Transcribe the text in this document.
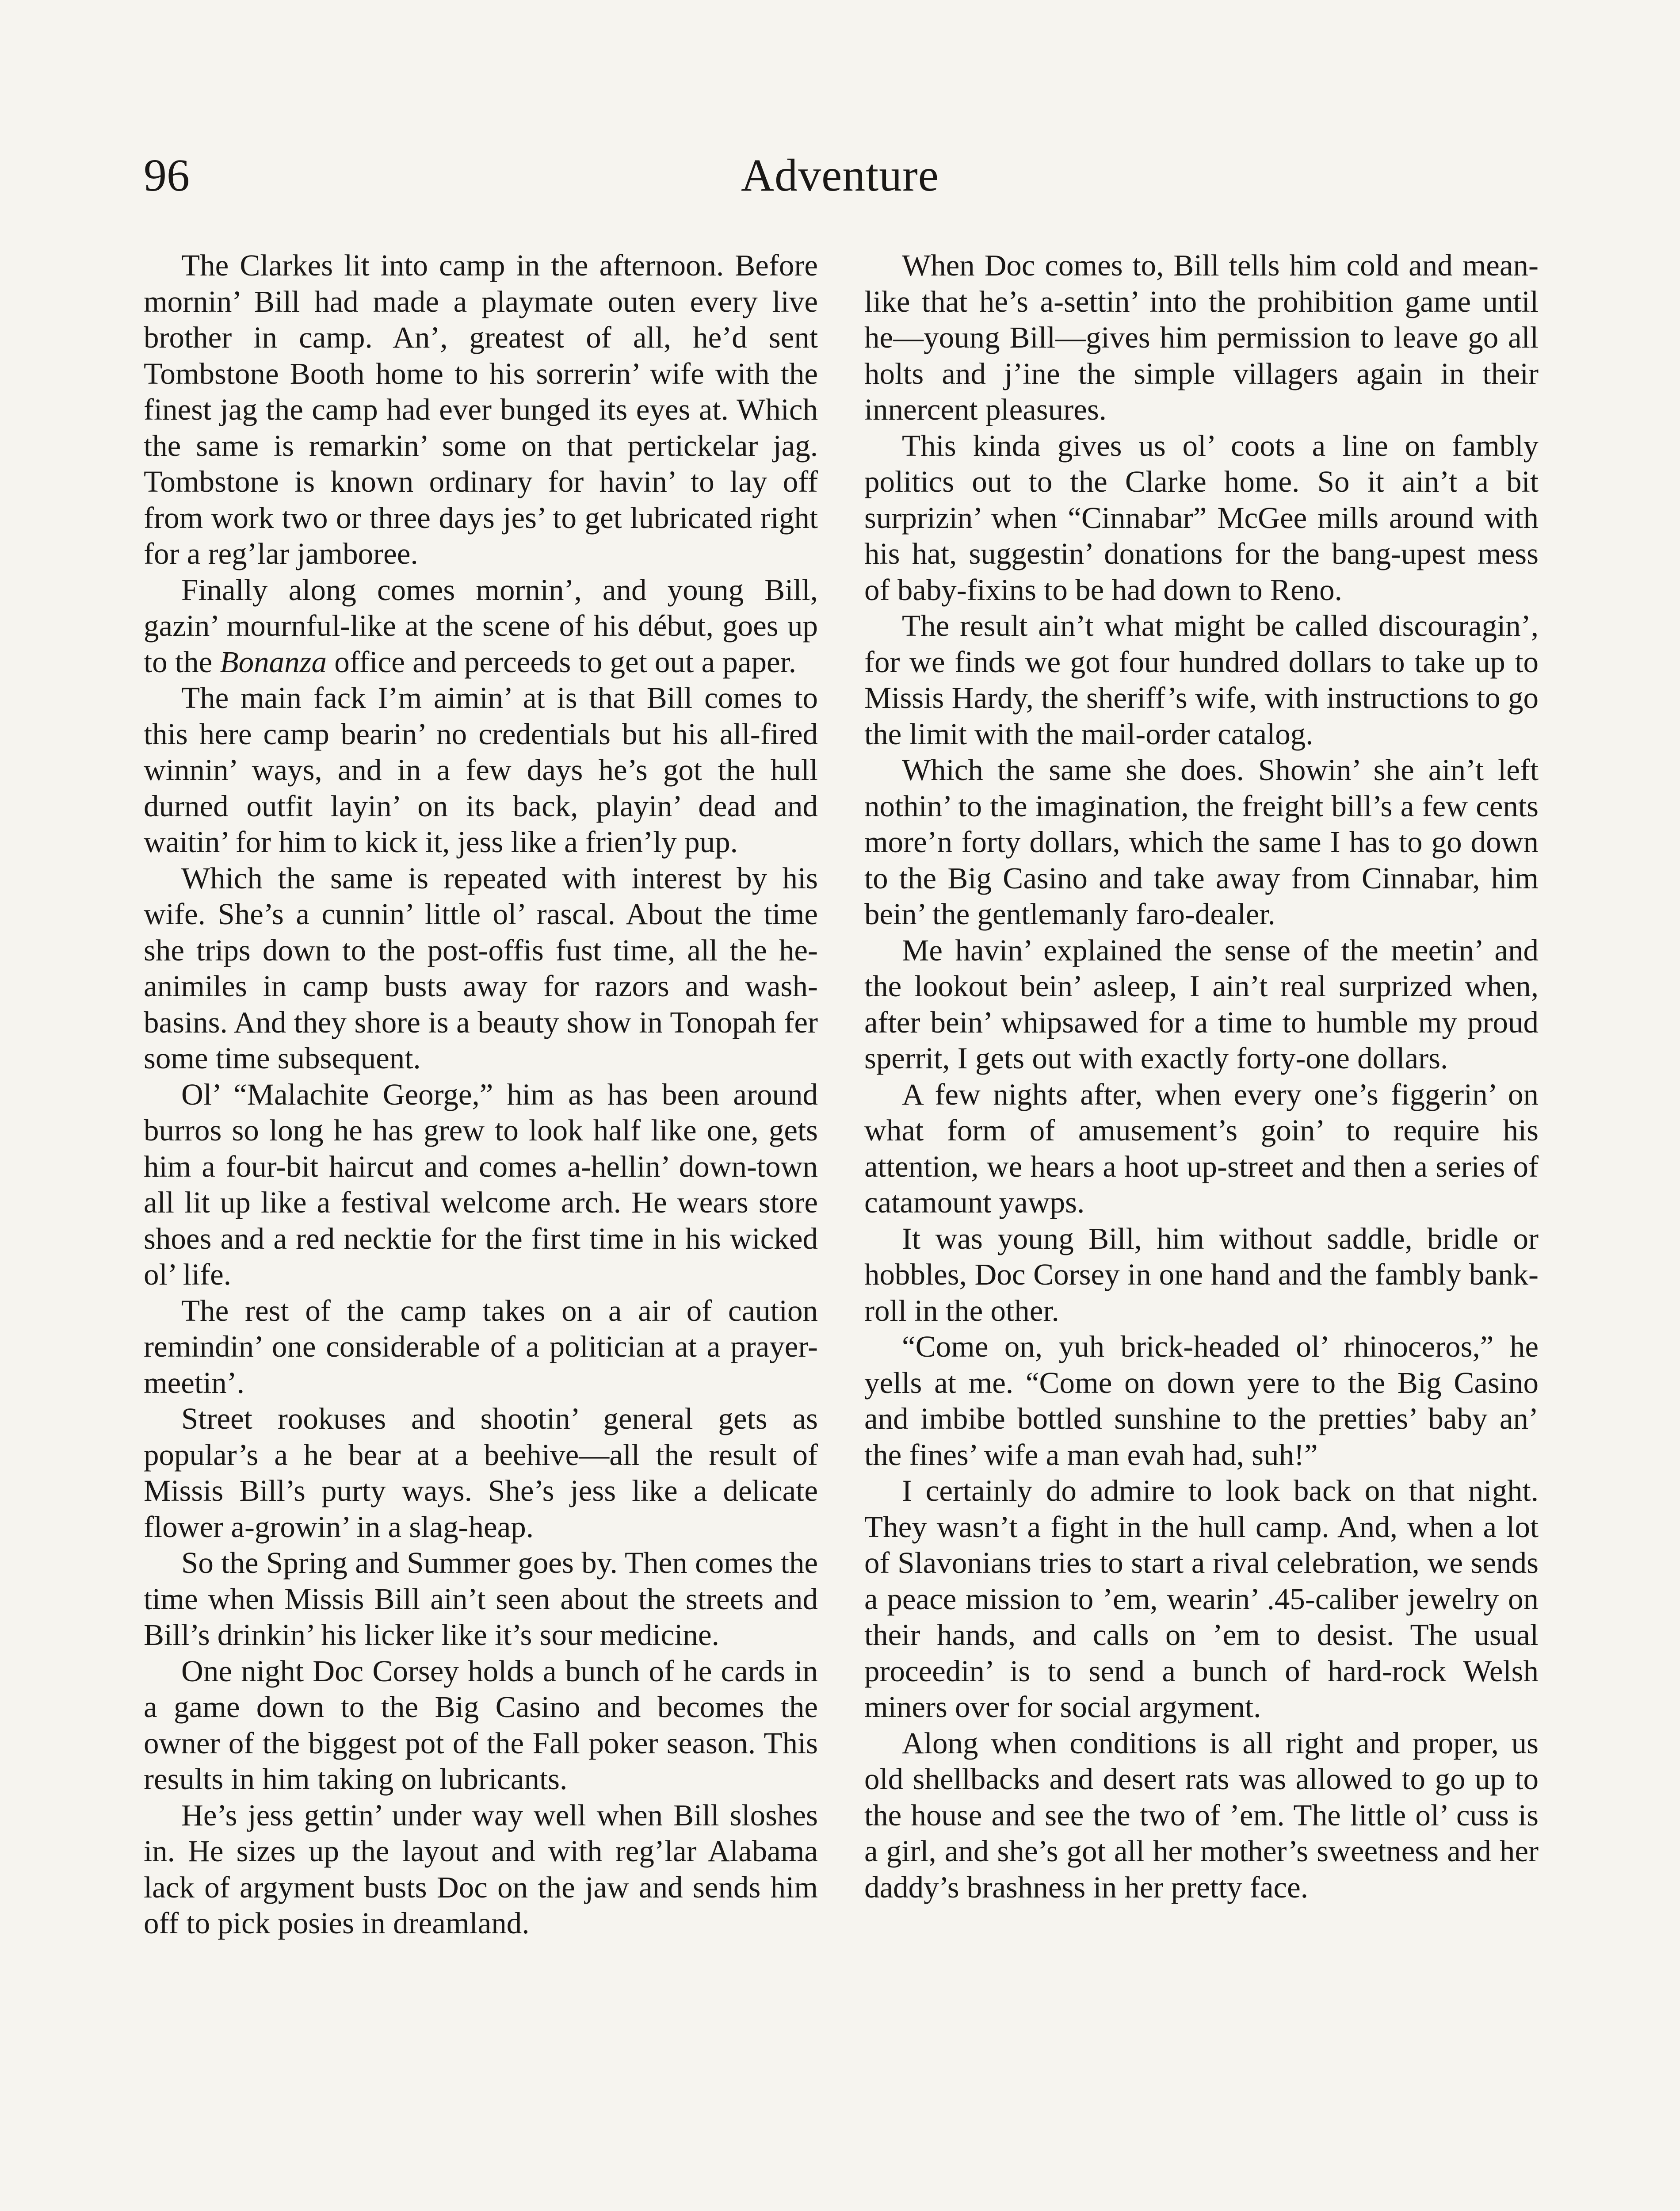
96	Adventure

The Clarkes lit into camp in the afternoon. Before mornin’ Bill had made a playmate outen every live brother in camp. An’, greatest of all, he’d sent Tombstone Booth home to his sorrerin’ wife with the finest jag the camp had ever bunged its eyes at. Which the same is remarkin’ some on that pertickelar jag. Tombstone is known ordinary for havin’ to lay off from work two or three days jes’ to get lubricated right for a reg’lar jamboree.

Finally along comes mornin’, and young Bill, gazin’ mournful-like at the scene of his début, goes up to the Bonanza office and perceeds to get out a paper.

The main fack I’m aimin’ at is that Bill comes to this here camp bearin’ no credentials but his all-fired winnin’ ways, and in a few days he’s got the hull durned outfit layin’ on its back, playin’ dead and waitin’ for him to kick it, jess like a frien’ly pup.

Which the same is repeated with interest by his wife. She’s a cunnin’ little ol’ rascal. About the time she trips down to the post-offis fust time, all the he-animiles in camp busts away for razors and wash-basins. And they shore is a beauty show in Tonopah fer some time subsequent.

Ol’ “Malachite George,” him as has been around burros so long he has grew to look half like one, gets him a four-bit haircut and comes a-hellin’ down-town all lit up like a festival welcome arch. He wears store shoes and a red necktie for the first time in his wicked ol’ life.

The rest of the camp takes on a air of caution remindin’ one considerable of a politician at a prayer-meetin’.

Street rookuses and shootin’ general gets as popular’s a he bear at a beehive—all the result of Missis Bill’s purty ways. She’s jess like a delicate flower a-growin’ in a slag-heap.

So the Spring and Summer goes by. Then comes the time when Missis Bill ain’t seen about the streets and Bill’s drinkin’ his licker like it’s sour medicine.

One night Doc Corsey holds a bunch of he cards in a game down to the Big Casino and becomes the owner of the biggest pot of the Fall poker season. This results in him taking on lubricants.

He’s jess gettin’ under way well when Bill sloshes in. He sizes up the layout and with reg’lar Alabama lack of argyment busts Doc on the jaw and sends him off to pick posies in dreamland.

When Doc comes to, Bill tells him cold and mean-like that he’s a-settin’ into the prohibition game until he—young Bill—gives him permission to leave go all holts and j’ine the simple villagers again in their innercent pleasures.

This kinda gives us ol’ coots a line on fambly politics out to the Clarke home. So it ain’t a bit surprizin’ when “Cinnabar” McGee mills around with his hat, suggestin’ donations for the bang-upest mess of baby-fixins to be had down to Reno.

The result ain’t what might be called discouragin’, for we finds we got four hundred dollars to take up to Missis Hardy, the sheriff’s wife, with instructions to go the limit with the mail-order catalog.

Which the same she does. Showin’ she ain’t left nothin’ to the imagination, the freight bill’s a few cents more’n forty dollars, which the same I has to go down to the Big Casino and take away from Cinnabar, him bein’ the gentlemanly faro-dealer.

Me havin’ explained the sense of the meetin’ and the lookout bein’ asleep, I ain’t real surprized when, after bein’ whipsawed for a time to humble my proud sperrit, I gets out with exactly forty-one dollars.

A few nights after, when every one’s figgerin’ on what form of amusement’s goin’ to require his attention, we hears a hoot up-street and then a series of catamount yawps.

It was young Bill, him without saddle, bridle or hobbles, Doc Corsey in one hand and the fambly bank-roll in the other.

“Come on, yuh brick-headed ol’ rhinoceros,” he yells at me. “Come on down yere to the Big Casino and imbibe bottled sunshine to the pretties’ baby an’ the fines’ wife a man evah had, suh!”

I certainly do admire to look back on that night. They wasn’t a fight in the hull camp. And, when a lot of Slavonians tries to start a rival celebration, we sends a peace mission to ’em, wearin’ .45-caliber jewelry on their hands, and calls on ’em to desist. The usual proceedin’ is to send a bunch of hard-rock Welsh miners over for social argyment.

Along when conditions is all right and proper, us old shellbacks and desert rats was allowed to go up to the house and see the two of ’em. The little ol’ cuss is a girl, and she’s got all her mother’s sweetness and her daddy’s brashness in her pretty face.
